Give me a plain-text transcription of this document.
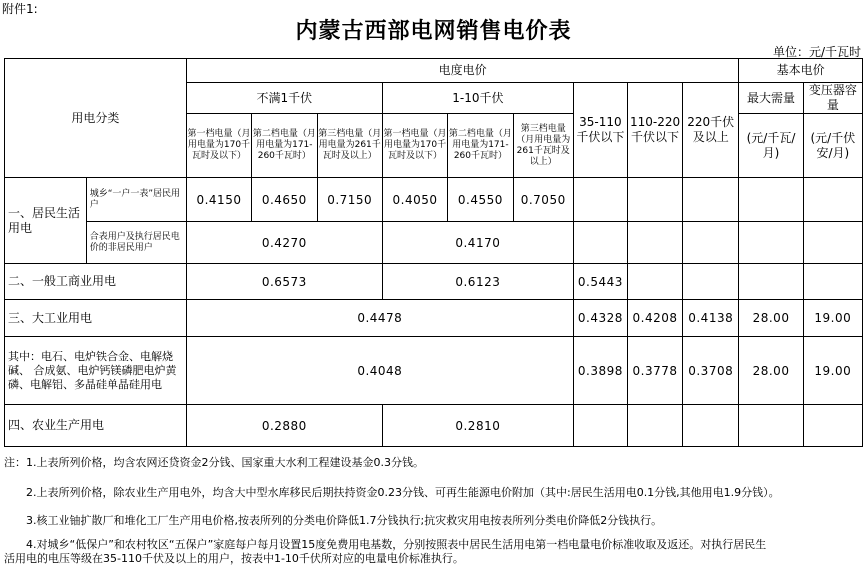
附件1:
内蒙古西部电网销售电价表
单位：元/千瓦时
用电分类		电度电价									基本电价	
		不满1千伏			1-10千伏			35-110千伏以下	110-220千伏以下	220千伏及以上	最大需量	变压器容量
		第一档电量（月用电量为170千瓦时及以下）	第二档电量（月用电量为171-260千瓦时）	第三档电量（月用电量为261千瓦时及以上）	第一档电量（月用电量为170千瓦时及以下）	第二档电量（月用电量为171-260千瓦时）	第三档电量（月用电量为261千瓦时及以上）				(元/千瓦/月)	(元/千伏安/月)
一、居民生活用电	城乡“一户一表”居民用户	0.4150	0.4650	0.7150	0.4050	0.4550	0.7050					
	合表用户及执行居民电价的非居民用户	0.4270			0.4170							
二、一般工商业用电		0.6573			0.6123			0.5443				
三、大工业用电		0.4478						0.4328	0.4208	0.4138	28.00	19.00
其中：电石、电炉铁合金、电解烧碱、 合成氨、电炉钙镁磷肥电炉黄磷、电解铝、多晶硅单晶硅用电		0.4048						0.3898	0.3778	0.3708	28.00	19.00
四、农业生产用电		0.2880			0.2810							

注：1.上表所列价格，均含农网还贷资金2分钱、国家重大水利工程建设基金0.3分钱。

2.上表所列价格，除农业生产用电外，均含大中型水库移民后期扶持资金0.23分钱、可再生能源电价附加（其中:居民生活用电0.1分钱,其他用电1.9分钱）。

3.核工业铀扩散厂和堆化工厂生产用电价格,按表所列的分类电价降低1.7分钱执行;抗灾救灾用电按表所列分类电价降低2分钱执行。

4.对城乡“低保户”和农村牧区“五保户”家庭每户每月设置15度免费用电基数，分别按照表中居民生活用电第一档电量电价标准收取及返还。对执行居民生

活用电的电压等级在35-110千伏及以上的用户，按表中1-10千伏所对应的电量电价标准执行。
